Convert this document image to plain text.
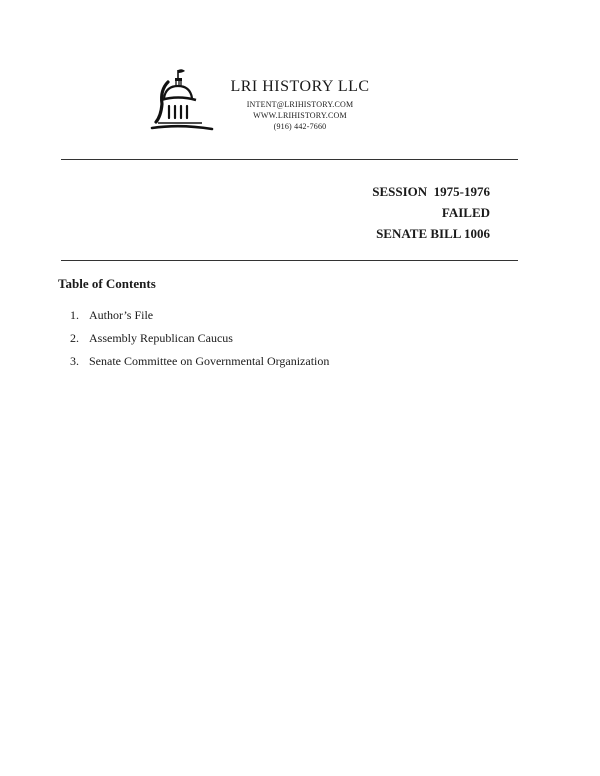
LRI HISTORY LLC
INTENT@LRIHISTORY.COM
WWW.LRIHISTORY.COM
(916) 442-7660
SESSION  1975-1976
FAILED
SENATE BILL 1006
Table of Contents
1. Author’s File
2. Assembly Republican Caucus
3. Senate Committee on Governmental Organization
